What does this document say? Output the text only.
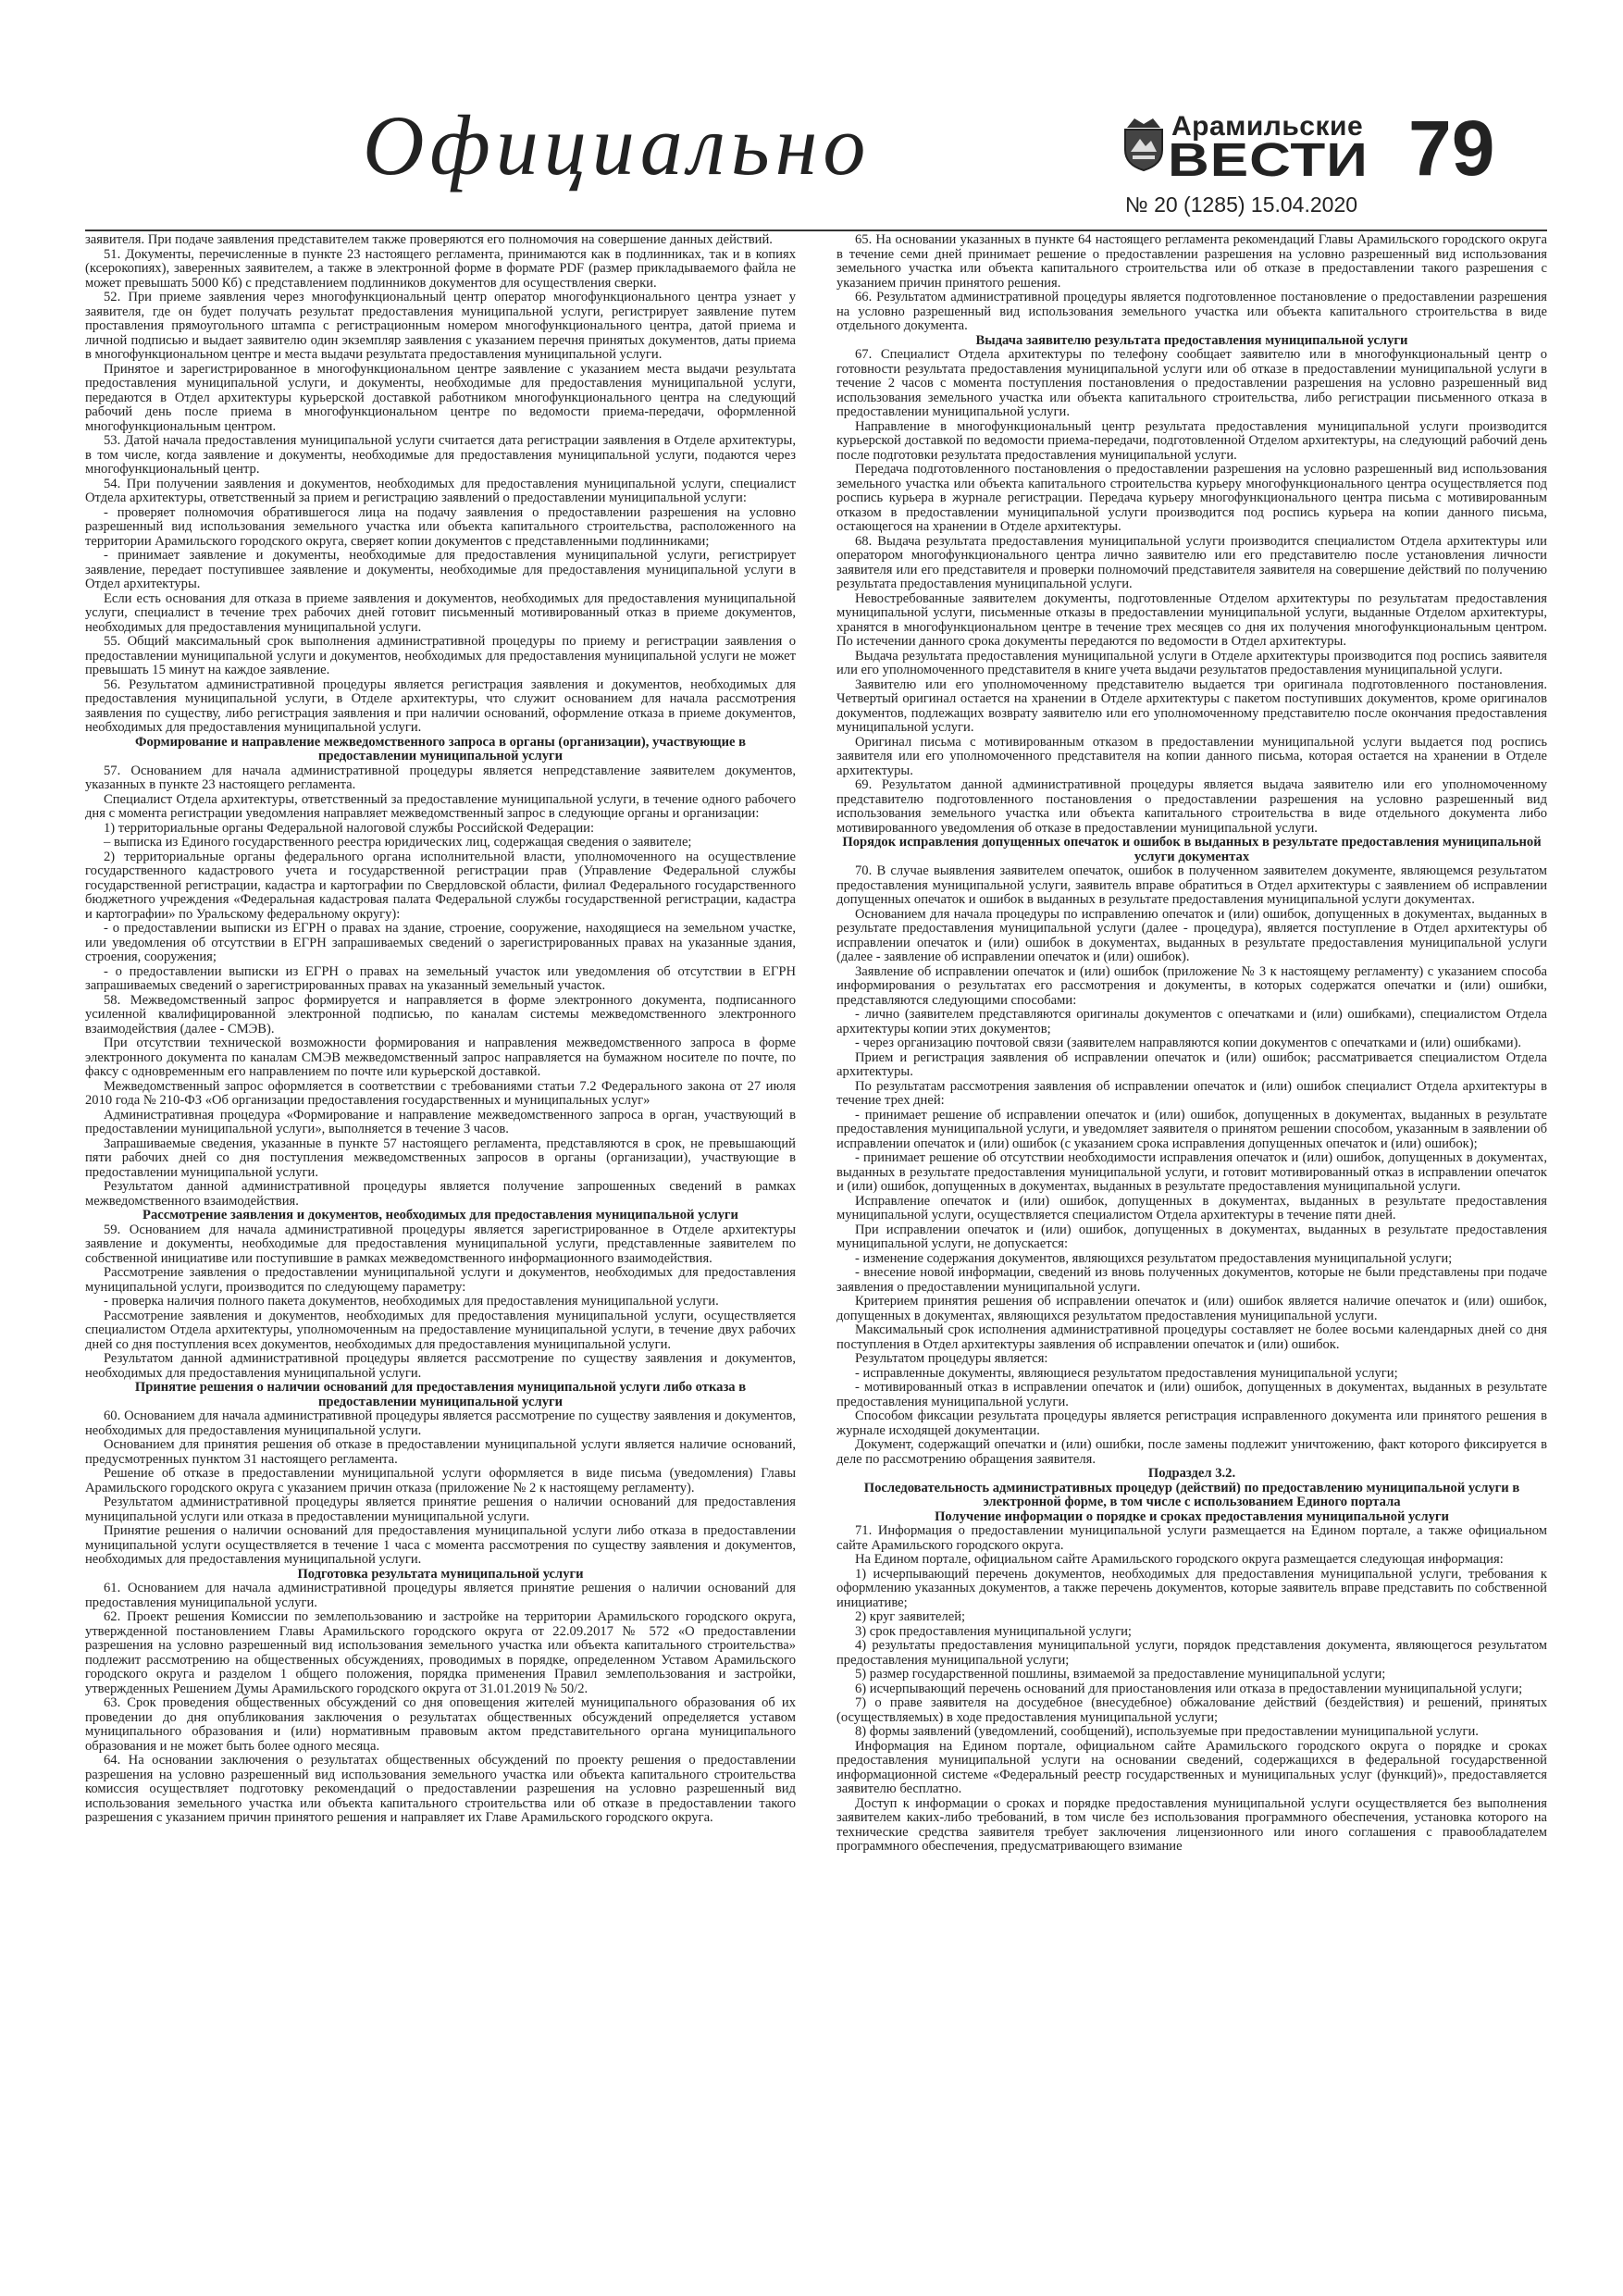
Официально	Арамильские
ВЕСТИ
№ 20 (1285) 15.04.2020
79

заявителя. При подаче заявления представителем также проверяются его полномочия на совершение данных действий.

51. Документы, перечисленные в пункте 23 настоящего регламента, принимаются как в подлинниках, так и в копиях (ксерокопиях), заверенных заявителем, а также в электронной форме в формате PDF (размер прикладываемого файла не может превышать 5000 Кб) с представлением подлинников документов для осуществления сверки.

52. При приеме заявления через многофункциональный центр оператор многофункционального центра узнает у заявителя, где он будет получать результат предоставления муниципальной услуги, регистрирует заявление путем проставления прямоугольного штампа с регистрационным номером многофункционального центра, датой приема и личной подписью и выдает заявителю один экземпляр заявления с указанием перечня принятых документов, даты приема в многофункциональном центре и места выдачи результата предоставления муниципальной услуги.

Принятое и зарегистрированное в многофункциональном центре заявление с указанием места выдачи результата предоставления муниципальной услуги, и документы, необходимые для предоставления муниципальной услуги, передаются в Отдел архитектуры курьерской доставкой работником многофункционального центра на следующий рабочий день после приема в многофункциональном центре по ведомости приема-передачи, оформленной многофункциональным центром.

53. Датой начала предоставления муниципальной услуги считается дата регистрации заявления в Отделе архитектуры, в том числе, когда заявление и документы, необходимые для предоставления муниципальной услуги, подаются через многофункциональный центр.

54. При получении заявления и документов, необходимых для предоставления муниципальной услуги, специалист Отдела архитектуры, ответственный за прием и регистрацию заявлений о предоставлении муниципальной услуги:

- проверяет полномочия обратившегося лица на подачу заявления о предоставлении разрешения на условно разрешенный вид использования земельного участка или объекта капитального строительства, расположенного на территории Арамильского городского округа, сверяет копии документов с представленными подлинниками;

- принимает заявление и документы, необходимые для предоставления муниципальной услуги, регистрирует заявление, передает поступившее заявление и документы, необходимые для предоставления муниципальной услуги в Отдел архитектуры.

Если есть основания для отказа в приеме заявления и документов, необходимых для предоставления муниципальной услуги, специалист в течение трех рабочих дней готовит письменный мотивированный отказ в приеме документов, необходимых для предоставления муниципальной услуги.

55. Общий максимальный срок выполнения административной процедуры по приему и регистрации заявления о предоставлении муниципальной услуги и документов, необходимых для предоставления муниципальной услуги не может превышать 15 минут на каждое заявление.

56. Результатом административной процедуры является регистрация заявления и документов, необходимых для предоставления муниципальной услуги, в Отделе архитектуры, что служит основанием для начала рассмотрения заявления по существу, либо регистрация заявления и при наличии оснований, оформление отказа в приеме документов, необходимых для предоставления муниципальной услуги.

Формирование и направление межведомственного запроса в органы (организации), участвующие в предоставлении муниципальной услуги

57. Основанием для начала административной процедуры является непредставление заявителем документов, указанных в пункте 23 настоящего регламента.

Специалист Отдела архитектуры, ответственный за предоставление муниципальной услуги, в течение одного рабочего дня с момента регистрации уведомления направляет межведомственный запрос в следующие органы и организации:

1) территориальные органы Федеральной налоговой службы Российской Федерации:

– выписка из Единого государственного реестра юридических лиц, содержащая сведения о заявителе;

2) территориальные органы федерального органа исполнительной власти, уполномоченного на осуществление государственного кадастрового учета и государственной регистрации прав (Управление Федеральной службы государственной регистрации, кадастра и картографии по Свердловской области, филиал Федерального государственного бюджетного учреждения «Федеральная кадастровая палата Федеральной службы государственной регистрации, кадастра и картографии» по Уральскому федеральному округу):

- о предоставлении выписки из ЕГРН о правах на здание, строение, сооружение, находящиеся на земельном участке, или уведомления об отсутствии в ЕГРН запрашиваемых сведений о зарегистрированных правах на указанные здания, строения, сооружения;

- о предоставлении выписки из ЕГРН о правах на земельный участок или уведомления об отсутствии в ЕГРН запрашиваемых сведений о зарегистрированных правах на указанный земельный участок.

58. Межведомственный запрос формируется и направляется в форме электронного документа, подписанного усиленной квалифицированной электронной подписью, по каналам системы межведомственного электронного взаимодействия (далее - СМЭВ).

При отсутствии технической возможности формирования и направления межведомственного запроса в форме электронного документа по каналам СМЭВ межведомственный запрос направляется на бумажном носителе по почте, по факсу с одновременным его направлением по почте или курьерской доставкой.

Межведомственный запрос оформляется в соответствии с требованиями статьи 7.2 Федерального закона от 27 июля 2010 года № 210-ФЗ «Об организации предоставления государственных и муниципальных услуг»

Административная процедура «Формирование и направление межведомственного запроса в орган, участвующий в предоставлении муниципальной услуги», выполняется в течение 3 часов.

Запрашиваемые сведения, указанные в пункте 57 настоящего регламента, представляются в срок, не превышающий пяти рабочих дней со дня поступления межведомственных запросов в органы (организации), участвующие в предоставлении муниципальной услуги.

Результатом данной административной процедуры является получение запрошенных сведений в рамках межведомственного взаимодействия.

Рассмотрение заявления и документов, необходимых для предоставления муниципальной услуги

59. Основанием для начала административной процедуры является зарегистрированное в Отделе архитектуры заявление и документы, необходимые для предоставления муниципальной услуги, представленные заявителем по собственной инициативе или поступившие в рамках межведомственного информационного взаимодействия.

Рассмотрение заявления о предоставлении муниципальной услуги и документов, необходимых для предоставления муниципальной услуги, производится по следующему параметру:

- проверка наличия полного пакета документов, необходимых для предоставления муниципальной услуги.

Рассмотрение заявления и документов, необходимых для предоставления муниципальной услуги, осуществляется специалистом Отдела архитектуры, уполномоченным на предоставление муниципальной услуги, в течение двух рабочих дней со дня поступления всех документов, необходимых для предоставления муниципальной услуги.

Результатом данной административной процедуры является рассмотрение по существу заявления и документов, необходимых для предоставления муниципальной услуги.

Принятие решения о наличии оснований для предоставления муниципальной услуги либо отказа в предоставлении муниципальной услуги

60. Основанием для начала административной процедуры является рассмотрение по существу заявления и документов, необходимых для предоставления муниципальной услуги.

Основанием для принятия решения об отказе в предоставлении муниципальной услуги является наличие оснований, предусмотренных пунктом 31 настоящего регламента.

Решение об отказе в предоставлении муниципальной услуги оформляется в виде письма (уведомления) Главы Арамильского городского округа с указанием причин отказа (приложение № 2 к настоящему регламенту).

Результатом административной процедуры является принятие решения о наличии оснований для предоставления муниципальной услуги или отказа в предоставлении муниципальной услуги.

Принятие решения о наличии оснований для предоставления муниципальной услуги либо отказа в предоставлении муниципальной услуги осуществляется в течение 1 часа с момента рассмотрения по существу заявления и документов, необходимых для предоставления муниципальной услуги.

Подготовка результата муниципальной услуги

61. Основанием для начала административной процедуры является принятие решения о наличии оснований для предоставления муниципальной услуги.

62. Проект решения Комиссии по землепользованию и застройке на территории Арамильского городского округа, утвержденной постановлением Главы Арамильского городского округа от 22.09.2017 № 572 «О предоставлении разрешения на условно разрешенный вид использования земельного участка или объекта капитального строительства» подлежит рассмотрению на общественных обсуждениях, проводимых в порядке, определенном Уставом Арамильского городского округа и разделом 1 общего положения, порядка применения Правил землепользования и застройки, утвержденных Решением Думы Арамильского городского округа от 31.01.2019 № 50/2.

63. Срок проведения общественных обсуждений со дня оповещения жителей муниципального образования об их проведении до дня опубликования заключения о результатах общественных обсуждений определяется уставом муниципального образования и (или) нормативным правовым актом представительного органа муниципального образования и не может быть более одного месяца.

64. На основании заключения о результатах общественных обсуждений по проекту решения о предоставлении разрешения на условно разрешенный вид использования земельного участка или объекта капитального строительства комиссия осуществляет подготовку рекомендаций о предоставлении разрешения на условно разрешенный вид использования земельного участка или объекта капитального строительства или об отказе в предоставлении такого разрешения с указанием причин принятого решения и направляет их Главе Арамильского городского округа.

65. На основании указанных в пункте 64 настоящего регламента рекомендаций Главы Арамильского городского округа в течение семи дней принимает решение о предоставлении разрешения на условно разрешенный вид использования земельного участка или объекта капитального строительства или об отказе в предоставлении такого разрешения с указанием причин принятого решения.

66. Результатом административной процедуры является подготовленное постановление о предоставлении разрешения на условно разрешенный вид использования земельного участка или объекта капитального строительства в виде отдельного документа.

Выдача заявителю результата предоставления муниципальной услуги

67. Специалист Отдела архитектуры по телефону сообщает заявителю или в многофункциональный центр о готовности результата предоставления муниципальной услуги или об отказе в предоставлении муниципальной услуги в течение 2 часов с момента поступления постановления о предоставлении разрешения на условно разрешенный вид использования земельного участка или объекта капитального строительства, либо регистрации письменного отказа в предоставлении муниципальной услуги.

Направление в многофункциональный центр результата предоставления муниципальной услуги производится курьерской доставкой по ведомости приема-передачи, подготовленной Отделом архитектуры, на следующий рабочий день после подготовки результата предоставления муниципальной услуги.

Передача подготовленного постановления о предоставлении разрешения на условно разрешенный вид использования земельного участка или объекта капитального строительства курьеру многофункционального центра осуществляется под роспись курьера в журнале регистрации. Передача курьеру многофункционального центра письма с мотивированным отказом в предоставлении муниципальной услуги производится под роспись курьера на копии данного письма, остающегося на хранении в Отделе архитектуры.

68. Выдача результата предоставления муниципальной услуги производится специалистом Отдела архитектуры или оператором многофункционального центра лично заявителю или его представителю после установления личности заявителя или его представителя и проверки полномочий представителя заявителя на совершение действий по получению результата предоставления муниципальной услуги.

Невостребованные заявителем документы, подготовленные Отделом архитектуры по результатам предоставления муниципальной услуги, письменные отказы в предоставлении муниципальной услуги, выданные Отделом архитектуры, хранятся в многофункциональном центре в течение трех месяцев со дня их получения многофункциональным центром. По истечении данного срока документы передаются по ведомости в Отдел архитектуры.

Выдача результата предоставления муниципальной услуги в Отделе архитектуры производится под роспись заявителя или его уполномоченного представителя в книге учета выдачи результатов предоставления муниципальной услуги.

Заявителю или его уполномоченному представителю выдается три оригинала подготовленного постановления. Четвертый оригинал остается на хранении в Отделе архитектуры с пакетом поступивших документов, кроме оригиналов документов, подлежащих возврату заявителю или его уполномоченному представителю после окончания предоставления муниципальной услуги.

Оригинал письма с мотивированным отказом в предоставлении муниципальной услуги выдается под роспись заявителя или его уполномоченного представителя на копии данного письма, которая остается на хранении в Отделе архитектуры.

69. Результатом данной административной процедуры является выдача заявителю или его уполномоченному представителю подготовленного постановления о предоставлении разрешения на условно разрешенный вид использования земельного участка или объекта капитального строительства в виде отдельного документа либо мотивированного уведомления об отказе в предоставлении муниципальной услуги.

Порядок исправления допущенных опечаток и ошибок в выданных в результате предоставления муниципальной услуги документах

70. В случае выявления заявителем опечаток, ошибок в полученном заявителем документе, являющемся результатом предоставления муниципальной услуги, заявитель вправе обратиться в Отдел архитектуры с заявлением об исправлении допущенных опечаток и ошибок в выданных в результате предоставления муниципальной услуги документах.

Основанием для начала процедуры по исправлению опечаток и (или) ошибок, допущенных в документах, выданных в результате предоставления муниципальной услуги (далее - процедура), является поступление в Отдел архитектуры об исправлении опечаток и (или) ошибок в документах, выданных в результате предоставления муниципальной услуги (далее - заявление об исправлении опечаток и (или) ошибок).

Заявление об исправлении опечаток и (или) ошибок (приложение № 3 к настоящему регламенту) с указанием способа информирования о результатах его рассмотрения и документы, в которых содержатся опечатки и (или) ошибки, представляются следующими способами:

- лично (заявителем представляются оригиналы документов с опечатками и (или) ошибками), специалистом Отдела архитектуры копии этих документов;

- через организацию почтовой связи (заявителем направляются копии документов с опечатками и (или) ошибками).

Прием и регистрация заявления об исправлении опечаток и (или) ошибок; рассматривается специалистом Отдела архитектуры.

По результатам рассмотрения заявления об исправлении опечаток и (или) ошибок специалист Отдела архитектуры в течение трех дней:

- принимает решение об исправлении опечаток и (или) ошибок, допущенных в документах, выданных в результате предоставления муниципальной услуги, и уведомляет заявителя о принятом решении способом, указанным в заявлении об исправлении опечаток и (или) ошибок (с указанием срока исправления допущенных опечаток и (или) ошибок);

- принимает решение об отсутствии необходимости исправления опечаток и (или) ошибок, допущенных в документах, выданных в результате предоставления муниципальной услуги, и готовит мотивированный отказ в исправлении опечаток и (или) ошибок, допущенных в документах, выданных в результате предоставления муниципальной услуги.

Исправление опечаток и (или) ошибок, допущенных в документах, выданных в результате предоставления муниципальной услуги, осуществляется специалистом Отдела архитектуры в течение пяти дней.

При исправлении опечаток и (или) ошибок, допущенных в документах, выданных в результате предоставления муниципальной услуги, не допускается:

- изменение содержания документов, являющихся результатом предоставления муниципальной услуги;

- внесение новой информации, сведений из вновь полученных документов, которые не были представлены при подаче заявления о предоставлении муниципальной услуги.

Критерием принятия решения об исправлении опечаток и (или) ошибок является наличие опечаток и (или) ошибок, допущенных в документах, являющихся результатом предоставления муниципальной услуги.

Максимальный срок исполнения административной процедуры составляет не более восьми календарных дней со дня поступления в Отдел архитектуры заявления об исправлении опечаток и (или) ошибок.

Результатом процедуры является:

- исправленные документы, являющиеся результатом предоставления муниципальной услуги;

- мотивированный отказ в исправлении опечаток и (или) ошибок, допущенных в документах, выданных в результате предоставления муниципальной услуги.

Способом фиксации результата процедуры является регистрация исправленного документа или принятого решения в журнале исходящей документации.

Документ, содержащий опечатки и (или) ошибки, после замены подлежит уничтожению, факт которого фиксируется в деле по рассмотрению обращения заявителя.

Подраздел 3.2.
Последовательность административных процедур (действий) по предоставлению муниципальной услуги в электронной форме, в том числе с использованием Единого портала
Получение информации о порядке и сроках предоставления муниципальной услуги

71. Информация о предоставлении муниципальной услуги размещается на Едином портале, а также официальном сайте Арамильского городского округа.

На Едином портале, официальном сайте Арамильского городского округа размещается следующая информация:

1) исчерпывающий перечень документов, необходимых для предоставления муниципальной услуги, требования к оформлению указанных документов, а также перечень документов, которые заявитель вправе представить по собственной инициативе;

2) круг заявителей;

3) срок предоставления муниципальной услуги;

4) результаты предоставления муниципальной услуги, порядок представления документа, являющегося результатом предоставления муниципальной услуги;

5) размер государственной пошлины, взимаемой за предоставление муниципальной услуги;

6) исчерпывающий перечень оснований для приостановления или отказа в предоставлении муниципальной услуги;

7) о праве заявителя на досудебное (внесудебное) обжалование действий (бездействия) и решений, принятых (осуществляемых) в ходе предоставления муниципальной услуги;

8) формы заявлений (уведомлений, сообщений), используемые при предоставлении муниципальной услуги.

Информация на Едином портале, официальном сайте Арамильского городского округа о порядке и сроках предоставления муниципальной услуги на основании сведений, содержащихся в федеральной государственной информационной системе «Федеральный реестр государственных и муниципальных услуг (функций)», предоставляется заявителю бесплатно.

Доступ к информации о сроках и порядке предоставления муниципальной услуги осуществляется без выполнения заявителем каких-либо требований, в том числе без использования программного обеспечения, установка которого на технические средства заявителя требует заключения лицензионного или иного соглашения с правообладателем программного обеспечения, предусматривающего взимание
